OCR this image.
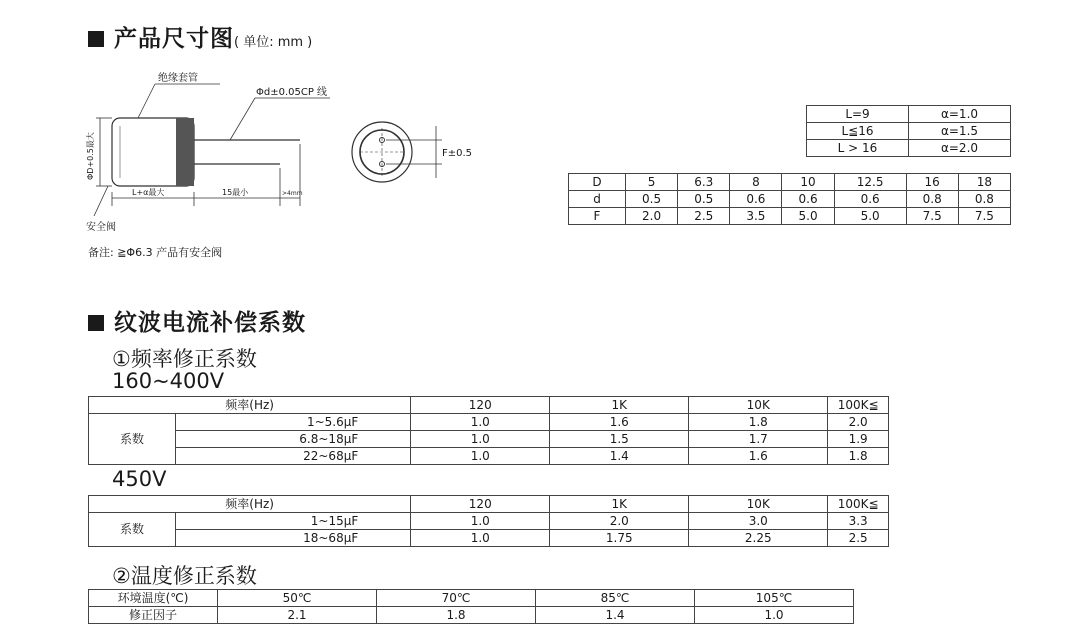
产品尺寸图( 单位: mm )
绝缘套管
Φd±0.05CP 线
ΦD+0.5最大
L+α最大	15最小	>4mm
安全阀
F±0.5
备注: ≧Φ6.3 产品有安全阀
L=9	α=1.0
L≦16	α=1.5
L > 16	α=2.0
D	5	6.3	8	10	12.5	16	18
d	0.5	0.5	0.6	0.6	0.6	0.8	0.8
F	2.0	2.5	3.5	5.0	5.0	7.5	7.5
纹波电流补偿系数
①频率修正系数
160~400V
频率(Hz)		120	1K	10K	100K≦
系数	1~5.6μF	1.0	1.6	1.8	2.0
	6.8~18μF	1.0	1.5	1.7	1.9
	22~68μF	1.0	1.4	1.6	1.8
450V
频率(Hz)		120	1K	10K	100K≦
系数	1~15μF	1.0	2.0	3.0	3.3
	18~68μF	1.0	1.75	2.25	2.5
②温度修正系数
环境温度(℃)	50℃	70℃	85℃	105℃
修正因子	2.1	1.8	1.4	1.0
